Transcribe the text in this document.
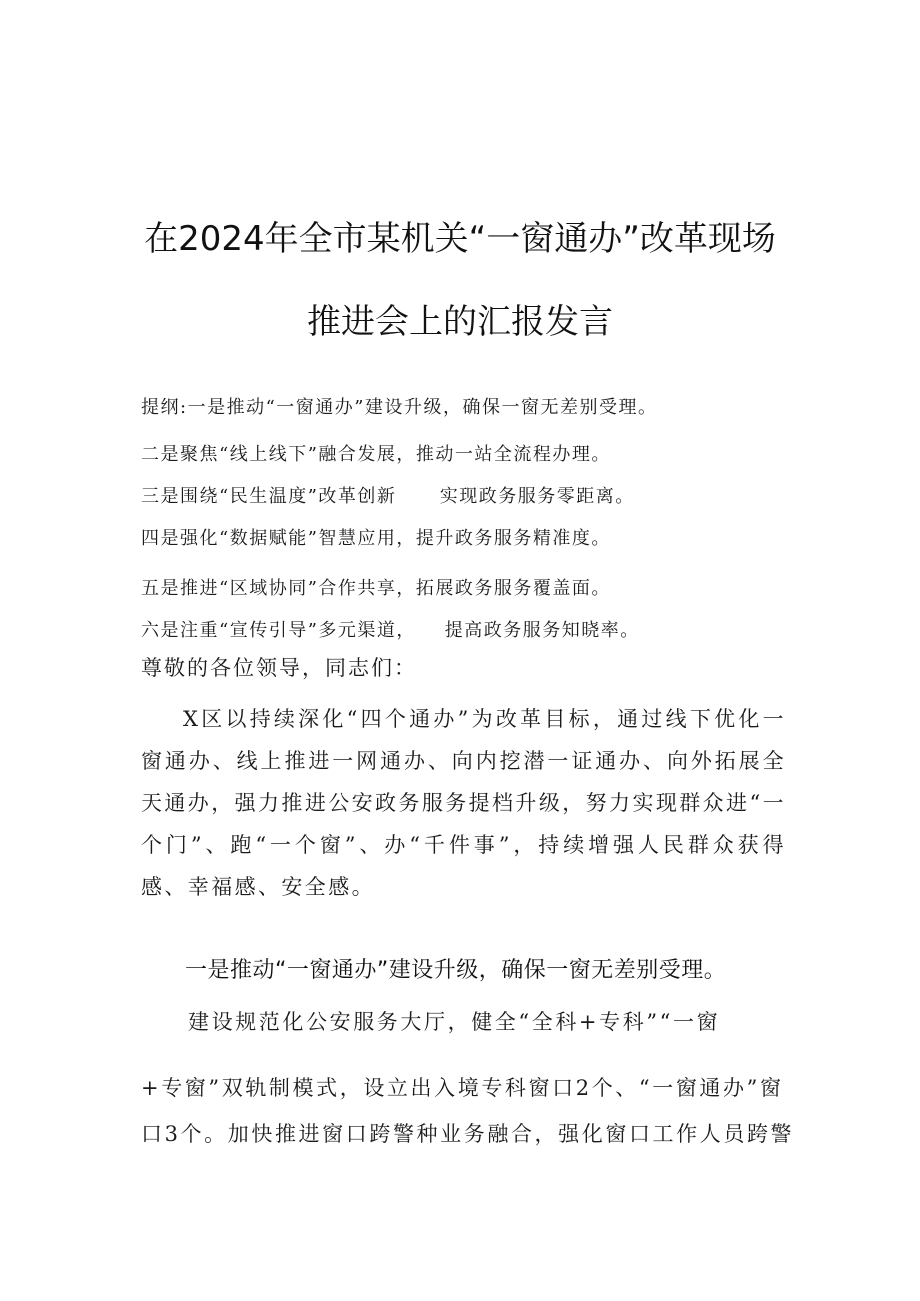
在2024年全市某机关“一窗通办”改革现场
推进会上的汇报发言
提纲:一是推动“一窗通办”建设升级，确保一窗无差别受理。
二是聚焦“线上线下”融合发展，推动一站全流程办理。
三是围绕“民生温度”改革创新      实现政务服务零距离。
四是强化“数据赋能”智慧应用，提升政务服务精准度。
五是推进“区域协同”合作共享，拓展政务服务覆盖面。
六是注重“宣传引导”多元渠道，    提高政务服务知晓率。
尊敬的各位领导，同志们：
X区以持续深化“四个通办”为改革目标，通过线下优化一窗通办、线上推进一网通办、向内挖潜一证通办、向外拓展全天通办，强力推进公安政务服务提档升级，努力实现群众进“一个门”、跑“一个窗”、办“千件事”，持续增强人民群众获得感、幸福感、安全感。
一是推动“一窗通办”建设升级，确保一窗无差别受理。
建设规范化公安服务大厅，健全“全科+专科”“一窗
+专窗”双轨制模式，设立出入境专科窗口2个、“一窗通办”窗
口3个。加快推进窗口跨警种业务融合，强化窗口工作人员跨警
